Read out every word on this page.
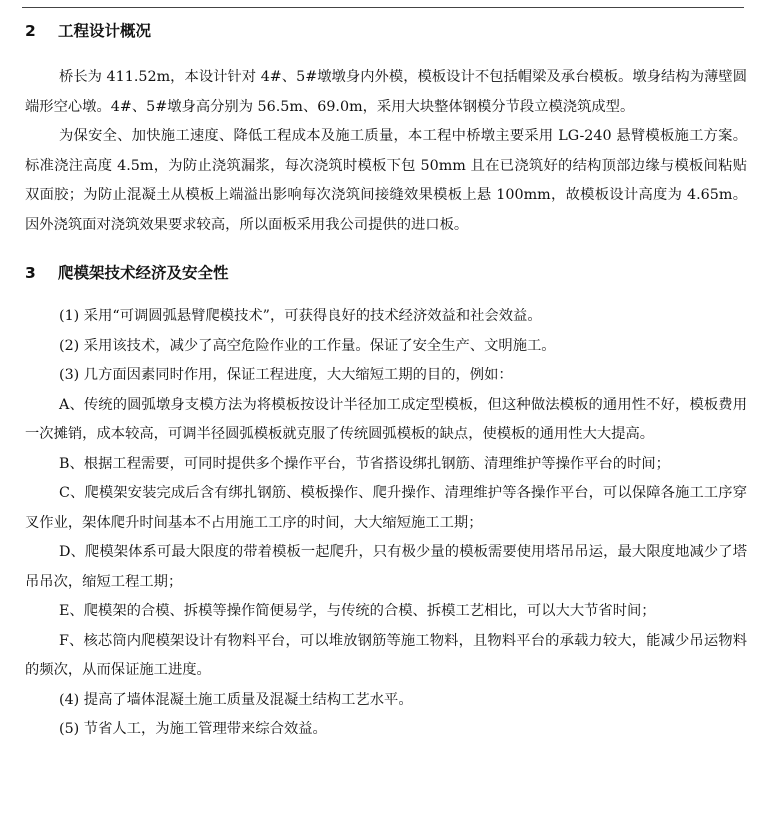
2 工程设计概况

桥长为 411.52m，本设计针对 4#、5#墩墩身内外模，模板设计不包括帽梁及承台模板。墩身结构为薄壁圆端形空心墩。4#、5#墩身高分别为 56.5m、69.0m，采用大块整体钢模分节段立模浇筑成型。

为保安全、加快施工速度、降低工程成本及施工质量，本工程中桥墩主要采用 LG-240 悬臂模板施工方案。标准浇注高度 4.5m，为防止浇筑漏浆，每次浇筑时模板下包 50mm 且在已浇筑好的结构顶部边缘与模板间粘贴双面胶；为防止混凝土从模板上端溢出影响每次浇筑间接缝效果模板上悬 100mm，故模板设计高度为 4.65m。因外浇筑面对浇筑效果要求较高，所以面板采用我公司提供的进口板。

3 爬模架技术经济及安全性
(1) 采用“可调圆弧悬臂爬模技术”，可获得良好的技术经济效益和社会效益。
(2) 采用该技术，减少了高空危险作业的工作量。保证了安全生产、文明施工。
(3) 几方面因素同时作用，保证工程进度，大大缩短工期的目的，例如：
A、传统的圆弧墩身支模方法为将模板按设计半径加工成定型模板，但这种做法模板的通用性不好，模板费用一次摊销，成本较高，可调半径圆弧模板就克服了传统圆弧模板的缺点，使模板的通用性大大提高。
B、根据工程需要，可同时提供多个操作平台，节省搭设绑扎钢筋、清理维护等操作平台的时间；
C、爬模架安装完成后含有绑扎钢筋、模板操作、爬升操作、清理维护等各操作平台，可以保障各施工工序穿叉作业，架体爬升时间基本不占用施工工序的时间，大大缩短施工工期；
D、爬模架体系可最大限度的带着模板一起爬升，只有极少量的模板需要使用塔吊吊运，最大限度地减少了塔吊吊次，缩短工程工期；
E、爬模架的合模、拆模等操作简便易学，与传统的合模、拆模工艺相比，可以大大节省时间；
F、核芯筒内爬模架设计有物料平台，可以堆放钢筋等施工物料，且物料平台的承载力较大，能减少吊运物料的频次，从而保证施工进度。
(4) 提高了墙体混凝土施工质量及混凝土结构工艺水平。
(5) 节省人工，为施工管理带来综合效益。
